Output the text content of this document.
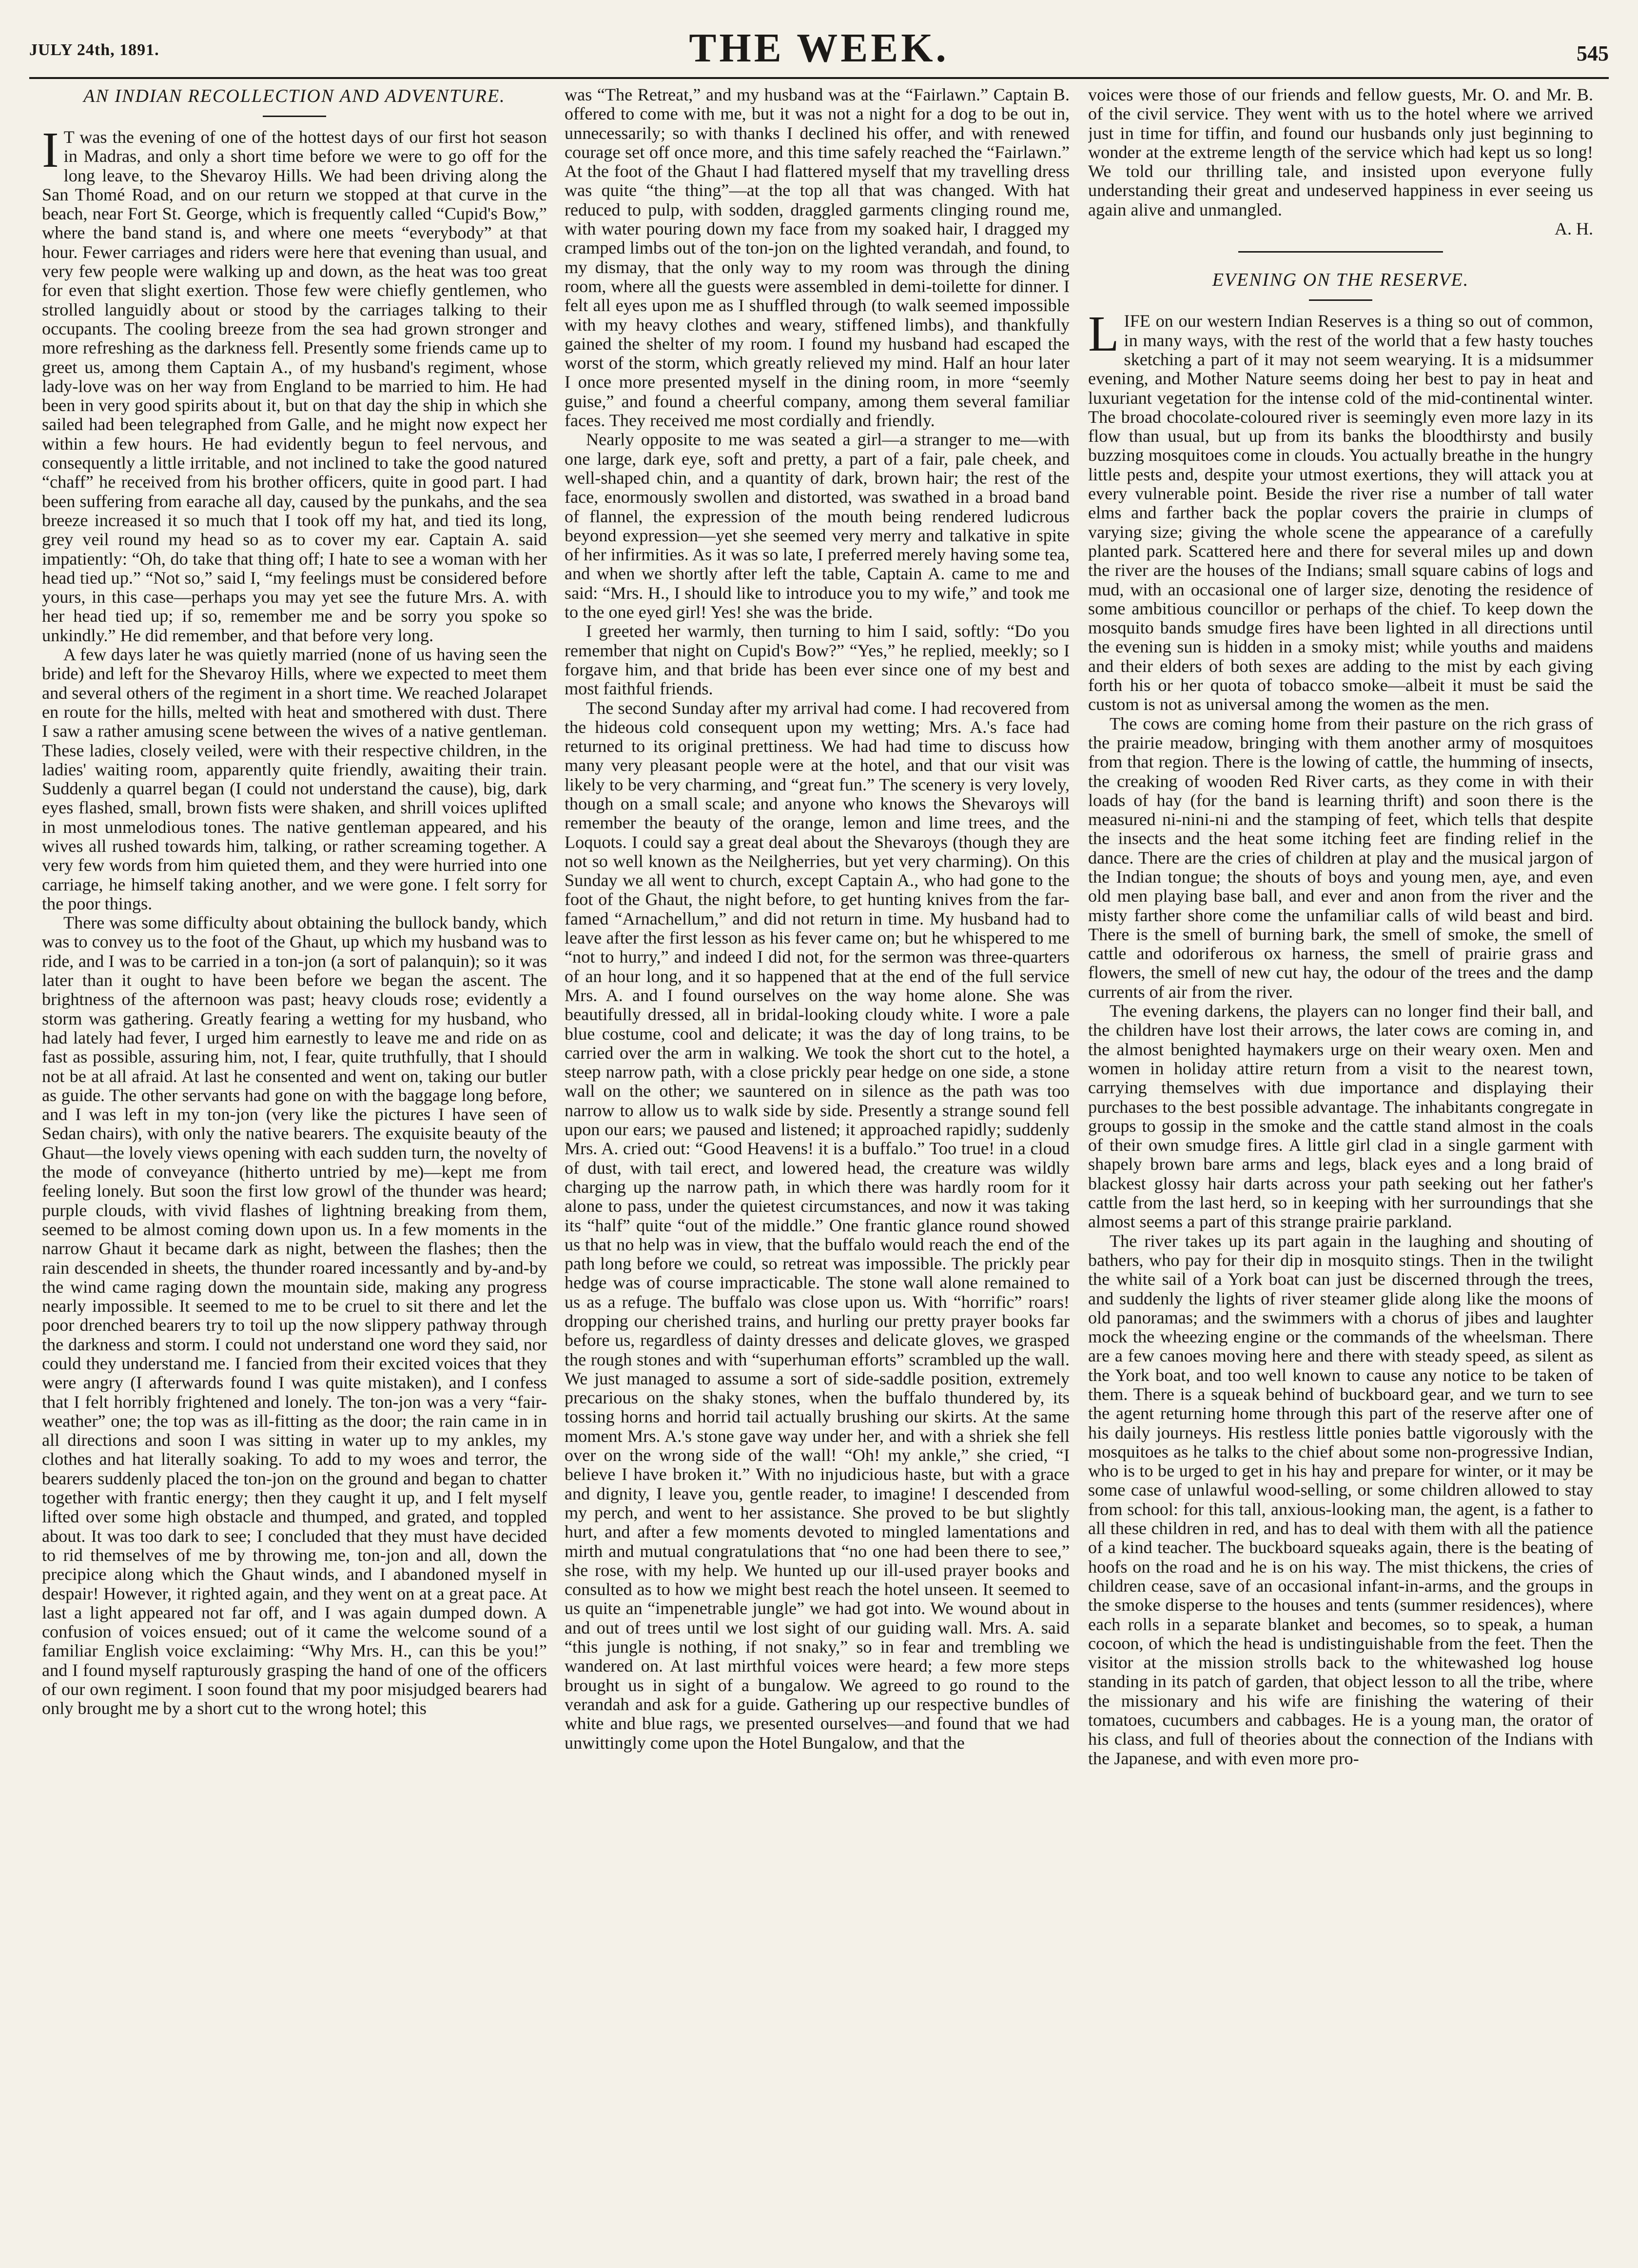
JULY 24th, 1891.	THE WEEK.	545
AN INDIAN RECOLLECTION AND ADVENTURE.

I T was the evening of one of the hottest days of our first hot season in Madras, and only a short time before we were to go off for the long leave, to the Shevaroy Hills. We had been driving along the San Thomé Road, and on our return we stopped at that curve in the beach, near Fort St. George, which is frequently called “Cupid's Bow,” where the band stand is, and where one meets “everybody” at that hour. Fewer carriages and riders were here that evening than usual, and very few people were walking up and down, as the heat was too great for even that slight exertion. Those few were chiefly gentlemen, who strolled languidly about or stood by the carriages talking to their occupants. The cooling breeze from the sea had grown stronger and more refreshing as the darkness fell. Presently some friends came up to greet us, among them Captain A., of my husband's regiment, whose lady-love was on her way from England to be married to him. He had been in very good spirits about it, but on that day the ship in which she sailed had been telegraphed from Galle, and he might now expect her within a few hours. He had evidently begun to feel nervous, and consequently a little irritable, and not inclined to take the good natured “chaff” he received from his brother officers, quite in good part. I had been suffering from earache all day, caused by the punkahs, and the sea breeze increased it so much that I took off my hat, and tied its long, grey veil round my head so as to cover my ear. Captain A. said impatiently: “Oh, do take that thing off; I hate to see a woman with her head tied up.” “Not so,” said I, “my feelings must be considered before yours, in this case—perhaps you may yet see the future Mrs. A. with her head tied up; if so, remember me and be sorry you spoke so unkindly.” He did remember, and that before very long.

A few days later he was quietly married (none of us having seen the bride) and left for the Shevaroy Hills, where we expected to meet them and several others of the regiment in a short time. We reached Jolarapet en route for the hills, melted with heat and smothered with dust. There I saw a rather amusing scene between the wives of a native gentleman. These ladies, closely veiled, were with their respective children, in the ladies' waiting room, apparently quite friendly, awaiting their train. Suddenly a quarrel began (I could not understand the cause), big, dark eyes flashed, small, brown fists were shaken, and shrill voices uplifted in most unmelodious tones. The native gentleman appeared, and his wives all rushed towards him, talking, or rather screaming together. A very few words from him quieted them, and they were hurried into one carriage, he himself taking another, and we were gone. I felt sorry for the poor things.

There was some difficulty about obtaining the bullock bandy, which was to convey us to the foot of the Ghaut, up which my husband was to ride, and I was to be carried in a ton-jon (a sort of palanquin); so it was later than it ought to have been before we began the ascent. The brightness of the afternoon was past; heavy clouds rose; evidently a storm was gathering. Greatly fearing a wetting for my husband, who had lately had fever, I urged him earnestly to leave me and ride on as fast as possible, assuring him, not, I fear, quite truthfully, that I should not be at all afraid. At last he consented and went on, taking our butler as guide. The other servants had gone on with the baggage long before, and I was left in my ton-jon (very like the pictures I have seen of Sedan chairs), with only the native bearers. The exquisite beauty of the Ghaut—the lovely views opening with each sudden turn, the novelty of the mode of conveyance (hitherto untried by me)—kept me from feeling lonely. But soon the first low growl of the thunder was heard; purple clouds, with vivid flashes of lightning breaking from them, seemed to be almost coming down upon us. In a few moments in the narrow Ghaut it became dark as night, between the flashes; then the rain descended in sheets, the thunder roared incessantly and by-and-by the wind came raging down the mountain side, making any progress nearly impossible. It seemed to me to be cruel to sit there and let the poor drenched bearers try to toil up the now slippery pathway through the darkness and storm. I could not understand one word they said, nor could they understand me. I fancied from their excited voices that they were angry (I afterwards found I was quite mistaken), and I confess that I felt horribly frightened and lonely. The ton-jon was a very “fair-weather” one; the top was as ill-fitting as the door; the rain came in in all directions and soon I was sitting in water up to my ankles, my clothes and hat literally soaking. To add to my woes and terror, the bearers suddenly placed the ton-jon on the ground and began to chatter together with frantic energy; then they caught it up, and I felt myself lifted over some high obstacle and thumped, and grated, and toppled about. It was too dark to see; I concluded that they must have decided to rid themselves of me by throwing me, ton-jon and all, down the precipice along which the Ghaut winds, and I abandoned myself in despair! However, it righted again, and they went on at a great pace. At last a light appeared not far off, and I was again dumped down. A confusion of voices ensued; out of it came the welcome sound of a familiar English voice exclaiming: “Why Mrs. H., can this be you!” and I found myself rapturously grasping the hand of one of the officers of our own regiment. I soon found that my poor misjudged bearers had only brought me by a short cut to the wrong hotel; this

was “The Retreat,” and my husband was at the “Fairlawn.” Captain B. offered to come with me, but it was not a night for a dog to be out in, unnecessarily; so with thanks I declined his offer, and with renewed courage set off once more, and this time safely reached the “Fairlawn.” At the foot of the Ghaut I had flattered myself that my travelling dress was quite “the thing”—at the top all that was changed. With hat reduced to pulp, with sodden, draggled garments clinging round me, with water pouring down my face from my soaked hair, I dragged my cramped limbs out of the ton-jon on the lighted verandah, and found, to my dismay, that the only way to my room was through the dining room, where all the guests were assembled in demi-toilette for dinner. I felt all eyes upon me as I shuffled through (to walk seemed impossible with my heavy clothes and weary, stiffened limbs), and thankfully gained the shelter of my room. I found my husband had escaped the worst of the storm, which greatly relieved my mind. Half an hour later I once more presented myself in the dining room, in more “seemly guise,” and found a cheerful company, among them several familiar faces. They received me most cordially and friendly.

Nearly opposite to me was seated a girl—a stranger to me—with one large, dark eye, soft and pretty, a part of a fair, pale cheek, and well-shaped chin, and a quantity of dark, brown hair; the rest of the face, enormously swollen and distorted, was swathed in a broad band of flannel, the expression of the mouth being rendered ludicrous beyond expression—yet she seemed very merry and talkative in spite of her infirmities. As it was so late, I preferred merely having some tea, and when we shortly after left the table, Captain A. came to me and said: “Mrs. H., I should like to introduce you to my wife,” and took me to the one eyed girl! Yes! she was the bride.

I greeted her warmly, then turning to him I said, softly: “Do you remember that night on Cupid's Bow?” “Yes,” he replied, meekly; so I forgave him, and that bride has been ever since one of my best and most faithful friends.

The second Sunday after my arrival had come. I had recovered from the hideous cold consequent upon my wetting; Mrs. A.'s face had returned to its original prettiness. We had had time to discuss how many very pleasant people were at the hotel, and that our visit was likely to be very charming, and “great fun.” The scenery is very lovely, though on a small scale; and anyone who knows the Shevaroys will remember the beauty of the orange, lemon and lime trees, and the Loquots. I could say a great deal about the Shevaroys (though they are not so well known as the Neilgherries, but yet very charming). On this Sunday we all went to church, except Captain A., who had gone to the foot of the Ghaut, the night before, to get hunting knives from the far-famed “Arnachellum,” and did not return in time. My husband had to leave after the first lesson as his fever came on; but he whispered to me “not to hurry,” and indeed I did not, for the sermon was three-quarters of an hour long, and it so happened that at the end of the full service Mrs. A. and I found ourselves on the way home alone. She was beautifully dressed, all in bridal-looking cloudy white. I wore a pale blue costume, cool and delicate; it was the day of long trains, to be carried over the arm in walking. We took the short cut to the hotel, a steep narrow path, with a close prickly pear hedge on one side, a stone wall on the other; we sauntered on in silence as the path was too narrow to allow us to walk side by side. Presently a strange sound fell upon our ears; we paused and listened; it approached rapidly; suddenly Mrs. A. cried out: “Good Heavens! it is a buffalo.” Too true! in a cloud of dust, with tail erect, and lowered head, the creature was wildly charging up the narrow path, in which there was hardly room for it alone to pass, under the quietest circumstances, and now it was taking its “half” quite “out of the middle.” One frantic glance round showed us that no help was in view, that the buffalo would reach the end of the path long before we could, so retreat was impossible. The prickly pear hedge was of course impracticable. The stone wall alone remained to us as a refuge. The buffalo was close upon us. With “horrific” roars! dropping our cherished trains, and hurling our pretty prayer books far before us, regardless of dainty dresses and delicate gloves, we grasped the rough stones and with “superhuman efforts” scrambled up the wall. We just managed to assume a sort of side-saddle position, extremely precarious on the shaky stones, when the buffalo thundered by, its tossing horns and horrid tail actually brushing our skirts. At the same moment Mrs. A.'s stone gave way under her, and with a shriek she fell over on the wrong side of the wall! “Oh! my ankle,” she cried, “I believe I have broken it.” With no injudicious haste, but with a grace and dignity, I leave you, gentle reader, to imagine! I descended from my perch, and went to her assistance. She proved to be but slightly hurt, and after a few moments devoted to mingled lamentations and mirth and mutual congratulations that “no one had been there to see,” she rose, with my help. We hunted up our ill-used prayer books and consulted as to how we might best reach the hotel unseen. It seemed to us quite an “impenetrable jungle” we had got into. We wound about in and out of trees until we lost sight of our guiding wall. Mrs. A. said “this jungle is nothing, if not snaky,” so in fear and trembling we wandered on. At last mirthful voices were heard; a few more steps brought us in sight of a bungalow. We agreed to go round to the verandah and ask for a guide. Gathering up our respective bundles of white and blue rags, we presented ourselves—and found that we had unwittingly come upon the Hotel Bungalow, and that the

voices were those of our friends and fellow guests, Mr. O. and Mr. B. of the civil service. They went with us to the hotel where we arrived just in time for tiffin, and found our husbands only just beginning to wonder at the extreme length of the service which had kept us so long! We told our thrilling tale, and insisted upon everyone fully understanding their great and undeserved happiness in ever seeing us again alive and unmangled.

A. H.

EVENING ON THE RESERVE.

LIFE on our western Indian Reserves is a thing so out of common, in many ways, with the rest of the world that a few hasty touches sketching a part of it may not seem wearying. It is a midsummer evening, and Mother Nature seems doing her best to pay in heat and luxuriant vegetation for the intense cold of the mid-continental winter. The broad chocolate-coloured river is seemingly even more lazy in its flow than usual, but up from its banks the bloodthirsty and busily buzzing mosquitoes come in clouds. You actually breathe in the hungry little pests and, despite your utmost exertions, they will attack you at every vulnerable point. Beside the river rise a number of tall water elms and farther back the poplar covers the prairie in clumps of varying size; giving the whole scene the appearance of a carefully planted park. Scattered here and there for several miles up and down the river are the houses of the Indians; small square cabins of logs and mud, with an occasional one of larger size, denoting the residence of some ambitious councillor or perhaps of the chief. To keep down the mosquito bands smudge fires have been lighted in all directions until the evening sun is hidden in a smoky mist; while youths and maidens and their elders of both sexes are adding to the mist by each giving forth his or her quota of tobacco smoke—albeit it must be said the custom is not as universal among the women as the men.

The cows are coming home from their pasture on the rich grass of the prairie meadow, bringing with them another army of mosquitoes from that region. There is the lowing of cattle, the humming of insects, the creaking of wooden Red River carts, as they come in with their loads of hay (for the band is learning thrift) and soon there is the measured ni-nini-ni and the stamping of feet, which tells that despite the insects and the heat some itching feet are finding relief in the dance. There are the cries of children at play and the musical jargon of the Indian tongue; the shouts of boys and young men, aye, and even old men playing base ball, and ever and anon from the river and the misty farther shore come the unfamiliar calls of wild beast and bird. There is the smell of burning bark, the smell of smoke, the smell of cattle and odoriferous ox harness, the smell of prairie grass and flowers, the smell of new cut hay, the odour of the trees and the damp currents of air from the river.

The evening darkens, the players can no longer find their ball, and the children have lost their arrows, the later cows are coming in, and the almost benighted haymakers urge on their weary oxen. Men and women in holiday attire return from a visit to the nearest town, carrying themselves with due importance and displaying their purchases to the best possible advantage. The inhabitants congregate in groups to gossip in the smoke and the cattle stand almost in the coals of their own smudge fires. A little girl clad in a single garment with shapely brown bare arms and legs, black eyes and a long braid of blackest glossy hair darts across your path seeking out her father's cattle from the last herd, so in keeping with her surroundings that she almost seems a part of this strange prairie parkland.

The river takes up its part again in the laughing and shouting of bathers, who pay for their dip in mosquito stings. Then in the twilight the white sail of a York boat can just be discerned through the trees, and suddenly the lights of river steamer glide along like the moons of old panoramas; and the swimmers with a chorus of jibes and laughter mock the wheezing engine or the commands of the wheelsman. There are a few canoes moving here and there with steady speed, as silent as the York boat, and too well known to cause any notice to be taken of them. There is a squeak behind of buckboard gear, and we turn to see the agent returning home through this part of the reserve after one of his daily journeys. His restless little ponies battle vigorously with the mosquitoes as he talks to the chief about some non-progressive Indian, who is to be urged to get in his hay and prepare for winter, or it may be some case of unlawful wood-selling, or some children allowed to stay from school: for this tall, anxious-looking man, the agent, is a father to all these children in red, and has to deal with them with all the patience of a kind teacher. The buckboard squeaks again, there is the beating of hoofs on the road and he is on his way. The mist thickens, the cries of children cease, save of an occasional infant-in-arms, and the groups in the smoke disperse to the houses and tents (summer residences), where each rolls in a separate blanket and becomes, so to speak, a human cocoon, of which the head is undistinguishable from the feet. Then the visitor at the mission strolls back to the whitewashed log house standing in its patch of garden, that object lesson to all the tribe, where the missionary and his wife are finishing the watering of their tomatoes, cucumbers and cabbages. He is a young man, the orator of his class, and full of theories about the connection of the Indians with the Japanese, and with even more pro-
